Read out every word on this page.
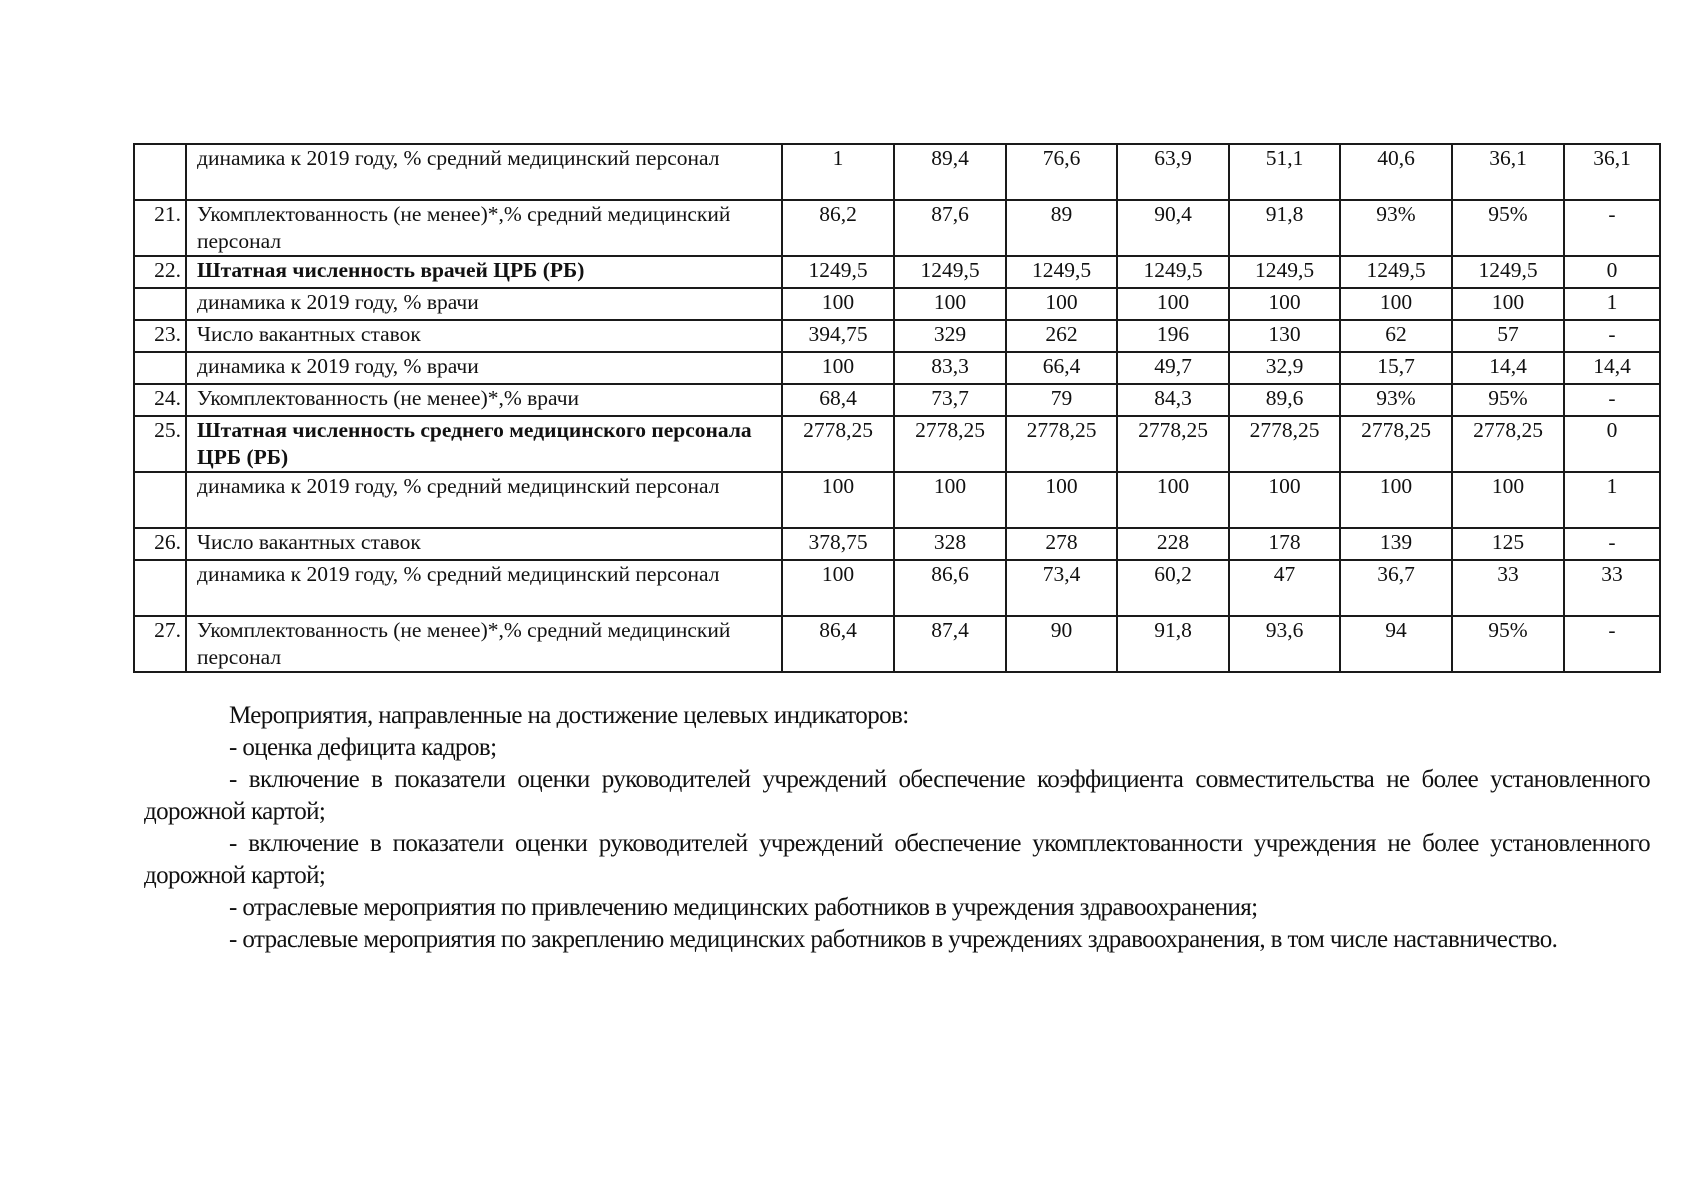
	динамика к 2019 году, % средний медицинский персонал	1	89,4	76,6	63,9	51,1	40,6	36,1	36,1
21.	Укомплектованность (не менее)*,% средний медицинский персонал	86,2	87,6	89	90,4	91,8	93%	95%	-
22.	Штатная численность врачей ЦРБ (РБ)	1249,5	1249,5	1249,5	1249,5	1249,5	1249,5	1249,5	0
	динамика к 2019 году, % врачи	100	100	100	100	100	100	100	1
23.	Число вакантных ставок	394,75	329	262	196	130	62	57	-
	динамика к 2019 году, % врачи	100	83,3	66,4	49,7	32,9	15,7	14,4	14,4
24.	Укомплектованность (не менее)*,% врачи	68,4	73,7	79	84,3	89,6	93%	95%	-
25.	Штатная численность среднего медицинского персонала ЦРБ (РБ)	2778,25	2778,25	2778,25	2778,25	2778,25	2778,25	2778,25	0
	динамика к 2019 году, % средний медицинский персонал	100	100	100	100	100	100	100	1
26.	Число вакантных ставок	378,75	328	278	228	178	139	125	-
	динамика к 2019 году, % средний медицинский персонал	100	86,6	73,4	60,2	47	36,7	33	33
27.	Укомплектованность (не менее)*,% средний медицинский персонал	86,4	87,4	90	91,8	93,6	94	95%	-

Мероприятия, направленные на достижение целевых индикаторов:

- оценка дефицита кадров;

- включение в показатели оценки руководителей учреждений обеспечение коэффициента совместительства не более установленного дорожной картой;

- включение в показатели оценки руководителей учреждений обеспечение укомплектованности учреждения не более установленного дорожной картой;

- отраслевые мероприятия по привлечению медицинских работников в учреждения здравоохранения;

- отраслевые мероприятия по закреплению медицинских работников в учреждениях здравоохранения, в том числе наставничество.
